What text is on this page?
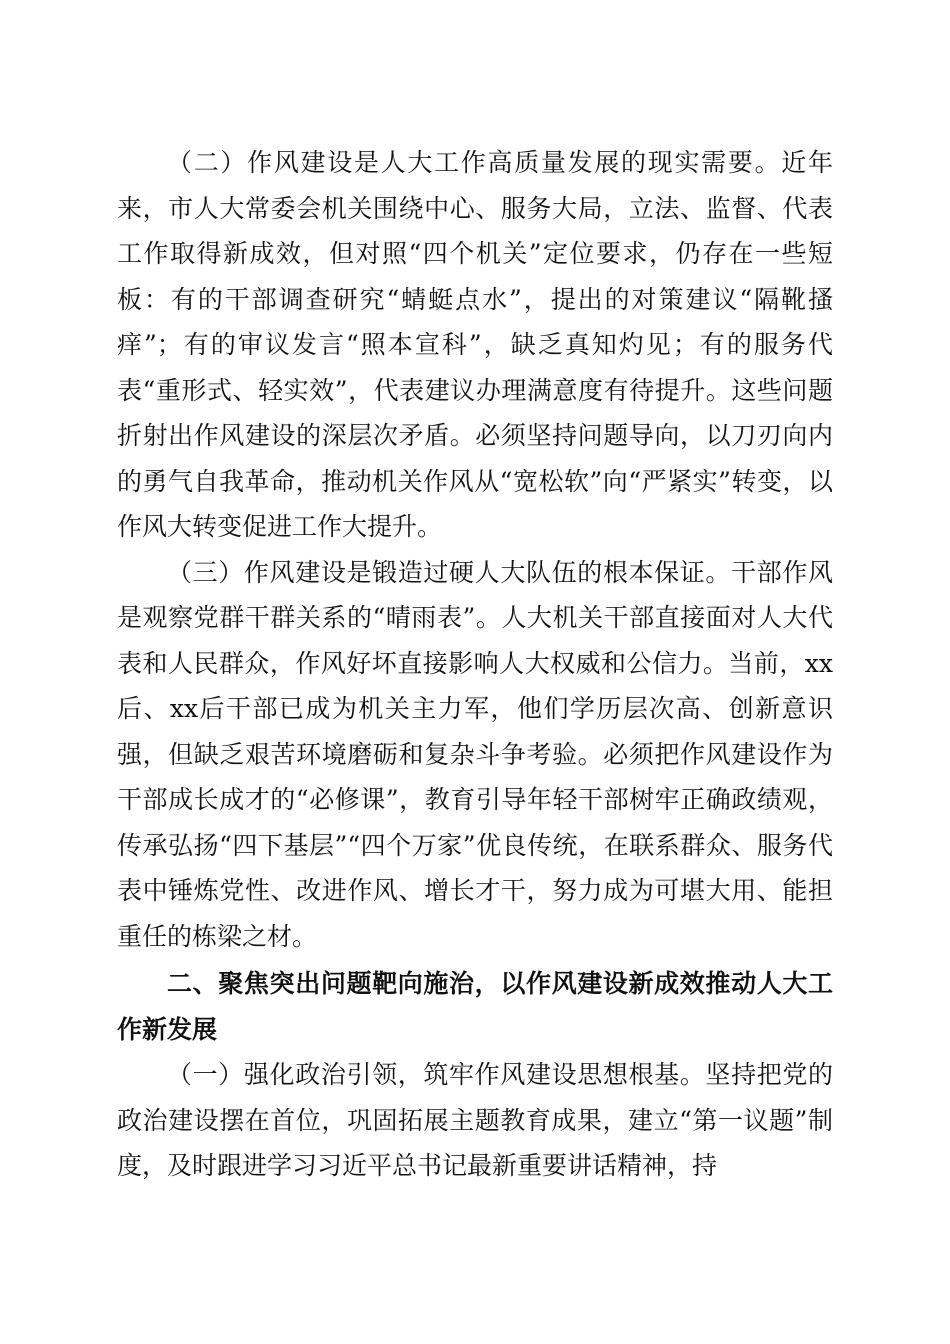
（二）作风建设是人大工作高质量发展的现实需要。近年来，市人大常委会机关围绕中心、服务大局，立法、监督、代表工作取得新成效，但对照“四个机关”定位要求，仍存在一些短板：有的干部调查研究“蜻蜓点水”，提出的对策建议“隔靴搔痒”；有的审议发言“照本宣科”，缺乏真知灼见；有的服务代表“重形式、轻实效”，代表建议办理满意度有待提升。这些问题折射出作风建设的深层次矛盾。必须坚持问题导向，以刀刃向内的勇气自我革命，推动机关作风从“宽松软”向“严紧实”转变，以作风大转变促进工作大提升。

（三）作风建设是锻造过硬人大队伍的根本保证。干部作风是观察党群干群关系的“晴雨表”。人大机关干部直接面对人大代表和人民群众，作风好坏直接影响人大权威和公信力。当前，xx后、xx后干部已成为机关主力军，他们学历层次高、创新意识强，但缺乏艰苦环境磨砺和复杂斗争考验。必须把作风建设作为干部成长成才的“必修课”，教育引导年轻干部树牢正确政绩观，传承弘扬“四下基层”“四个万家”优良传统，在联系群众、服务代表中锤炼党性、改进作风、增长才干，努力成为可堪大用、能担重任的栋梁之材。

二、聚焦突出问题靶向施治，以作风建设新成效推动人大工作新发展

（一）强化政治引领，筑牢作风建设思想根基。坚持把党的政治建设摆在首位，巩固拓展主题教育成果，建立“第一议题”制度，及时跟进学习习近平总书记最新重要讲话精神，持
